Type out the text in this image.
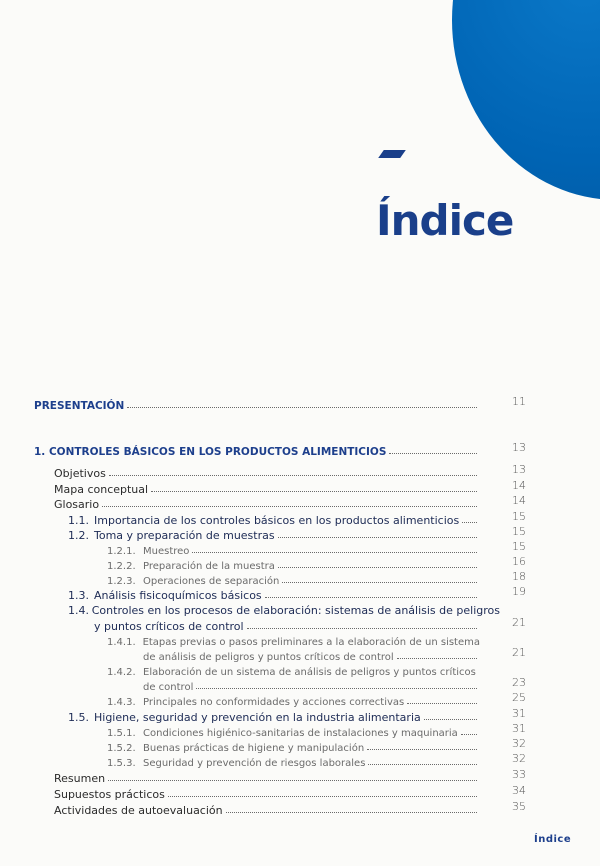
Índice
PRESENTACIÓN	11
1. CONTROLES BÁSICOS EN LOS PRODUCTOS ALIMENTICIOS	13
Objetivos	13
Mapa conceptual	14
Glosario	14
1.1. Importancia de los controles básicos en los productos alimenticios	15
1.2. Toma y preparación de muestras	15
1.2.1. Muestreo	15
1.2.2. Preparación de la muestra	16
1.2.3. Operaciones de separación	18
1.3. Análisis fisicoquímicos básicos	19
1.4. Controles en los procesos de elaboración: sistemas de análisis de peligros
y puntos críticos de control	21
1.4.1. Etapas previas o pasos preliminares a la elaboración de un sistema
de análisis de peligros y puntos críticos de control	21
1.4.2. Elaboración de un sistema de análisis de peligros y puntos críticos
de control	23
1.4.3. Principales no conformidades y acciones correctivas	25
1.5. Higiene, seguridad y prevención en la industria alimentaria	31
1.5.1. Condiciones higiénico-sanitarias de instalaciones y maquinaria	31
1.5.2. Buenas prácticas de higiene y manipulación	32
1.5.3. Seguridad y prevención de riesgos laborales	32
Resumen	33
Supuestos prácticos	34
Actividades de autoevaluación	35
Índice
